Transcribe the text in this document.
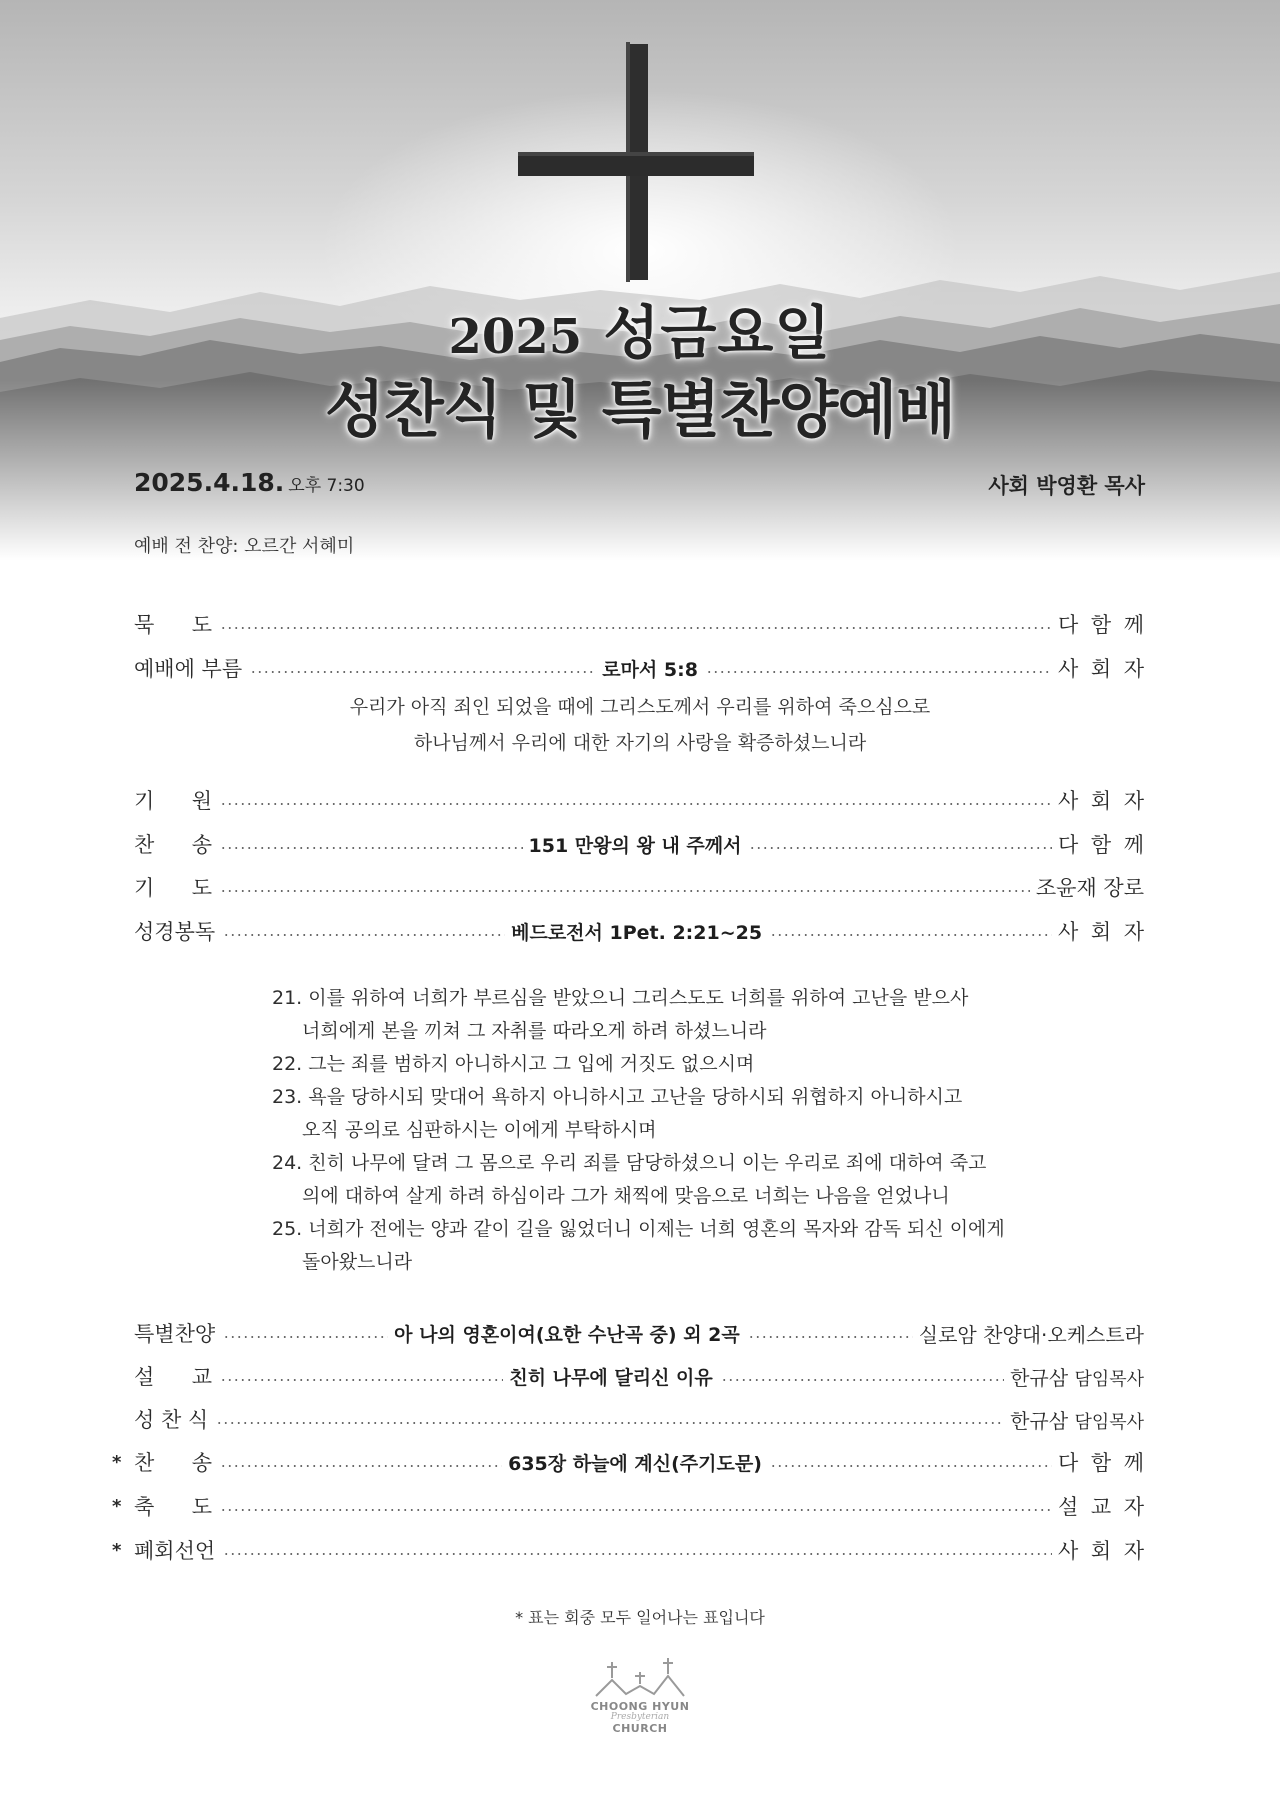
2025 성금요일
성찬식 및 특별찬양예배
2025.4.18. 오후 7:30	사회 박영환 목사
예배 전 찬양: 오르간 서혜미
묵 도	다 함 께
예배에 부름	로마서 5:8	사 회 자
기 원	사 회 자
찬 송	151 만왕의 왕 내 주께서	다 함 께
기 도	조윤재 장로
성경봉독	베드로전서 1Pet. 2:21~25	사 회 자
특별찬양	아 나의 영혼이여(요한 수난곡 중) 외 2곡	실로암 찬양대·오케스트라
설 교	친히 나무에 달리신 이유	한규삼 담임목사
성 찬 식	한규삼 담임목사
* 찬 송	635장 하늘에 계신(주기도문)	다 함 께
* 축 도	설 교 자
* 폐회선언	사 회 자
우리가 아직 죄인 되었을 때에 그리스도께서 우리를 위하여 죽으심으로
하나님께서 우리에 대한 자기의 사랑을 확증하셨느니라
21. 이를 위하여 너희가 부르심을 받았으니 그리스도도 너희를 위하여 고난을 받으사
너희에게 본을 끼쳐 그 자취를 따라오게 하려 하셨느니라
22. 그는 죄를 범하지 아니하시고 그 입에 거짓도 없으시며
23. 욕을 당하시되 맞대어 욕하지 아니하시고 고난을 당하시되 위협하지 아니하시고
오직 공의로 심판하시는 이에게 부탁하시며
24. 친히 나무에 달려 그 몸으로 우리 죄를 담당하셨으니 이는 우리로 죄에 대하여 죽고
의에 대하여 살게 하려 하심이라 그가 채찍에 맞음으로 너희는 나음을 얻었나니
25. 너희가 전에는 양과 같이 길을 잃었더니 이제는 너희 영혼의 목자와 감독 되신 이에게
돌아왔느니라
* 표는 회중 모두 일어나는 표입니다
CHOONG HYUN
Presbyterian
CHURCH
